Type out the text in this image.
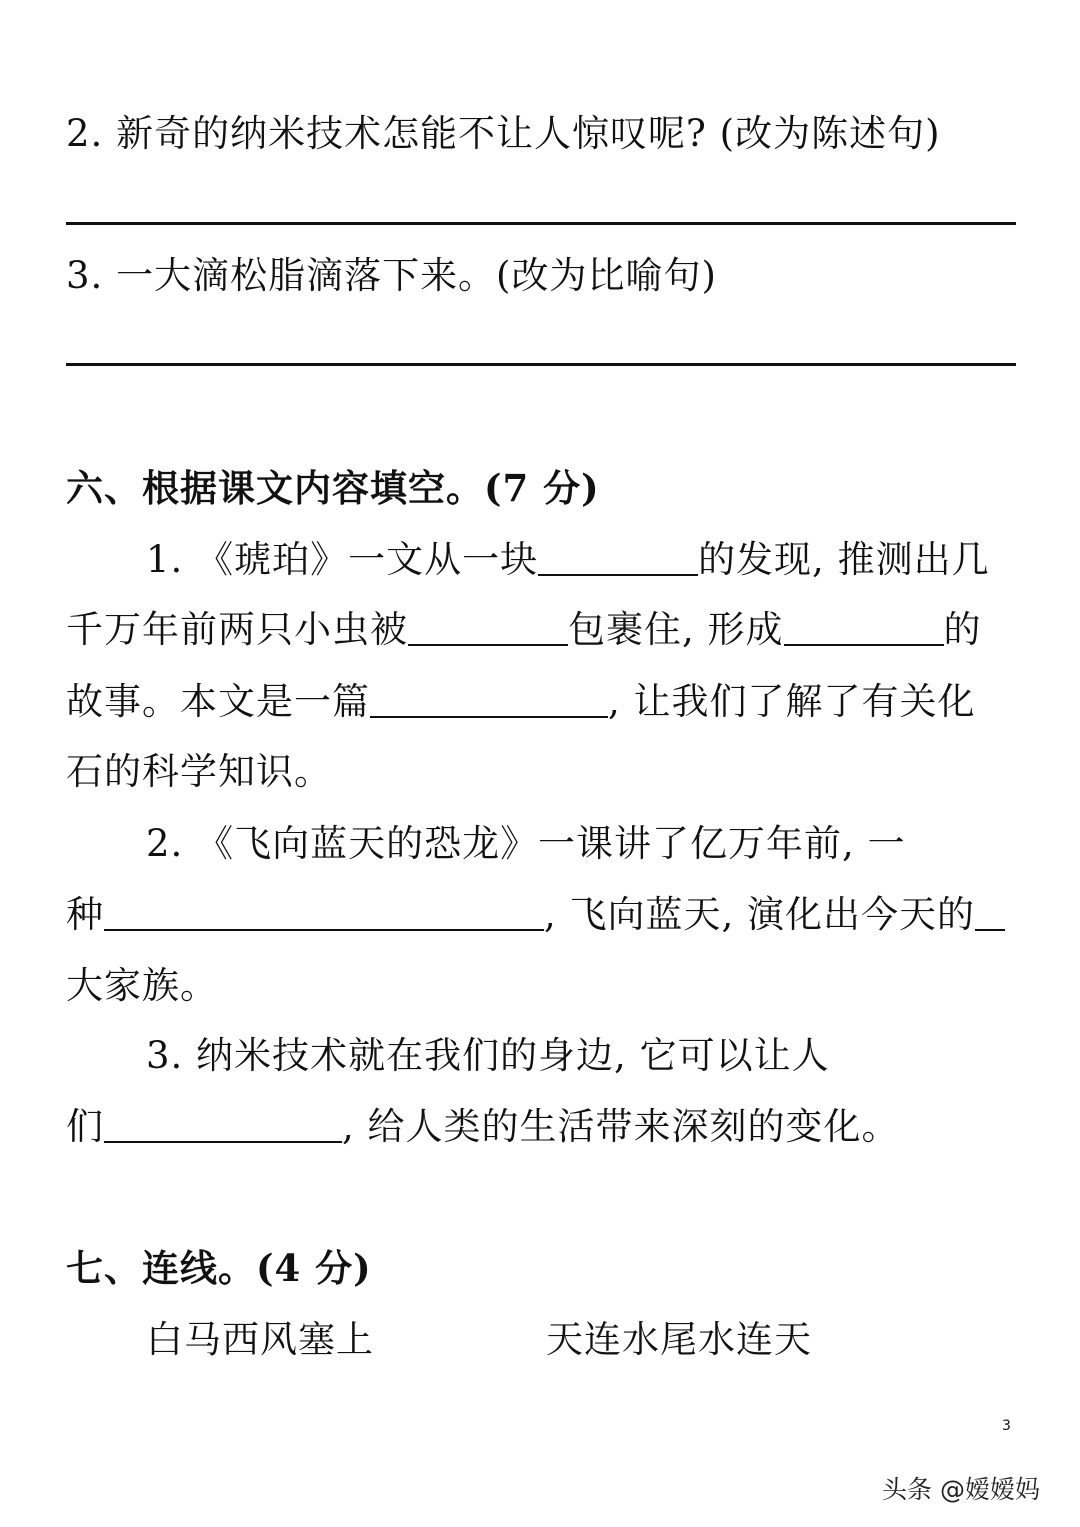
2. 新奇的纳米技术怎能不让人惊叹呢? (改为陈述句)
3. 一大滴松脂滴落下来。(改为比喻句)
六、根据课文内容填空。(7 分)
1. 《琥珀》一文从一块	的发现, 推测出几
千万年前两只小虫被	包裹住, 形成	的
故事。本文是一篇	, 让我们了解了有关化
石的科学知识。
2. 《飞向蓝天的恐龙》一课讲了亿万年前, 一
种	, 飞向蓝天, 演化出今天的
大家族。
3. 纳米技术就在我们的身边, 它可以让人
们	, 给人类的生活带来深刻的变化。
七、连线。(4 分)
白马西风塞上	天连水尾水连天
3
头条 @嫒嫒妈
